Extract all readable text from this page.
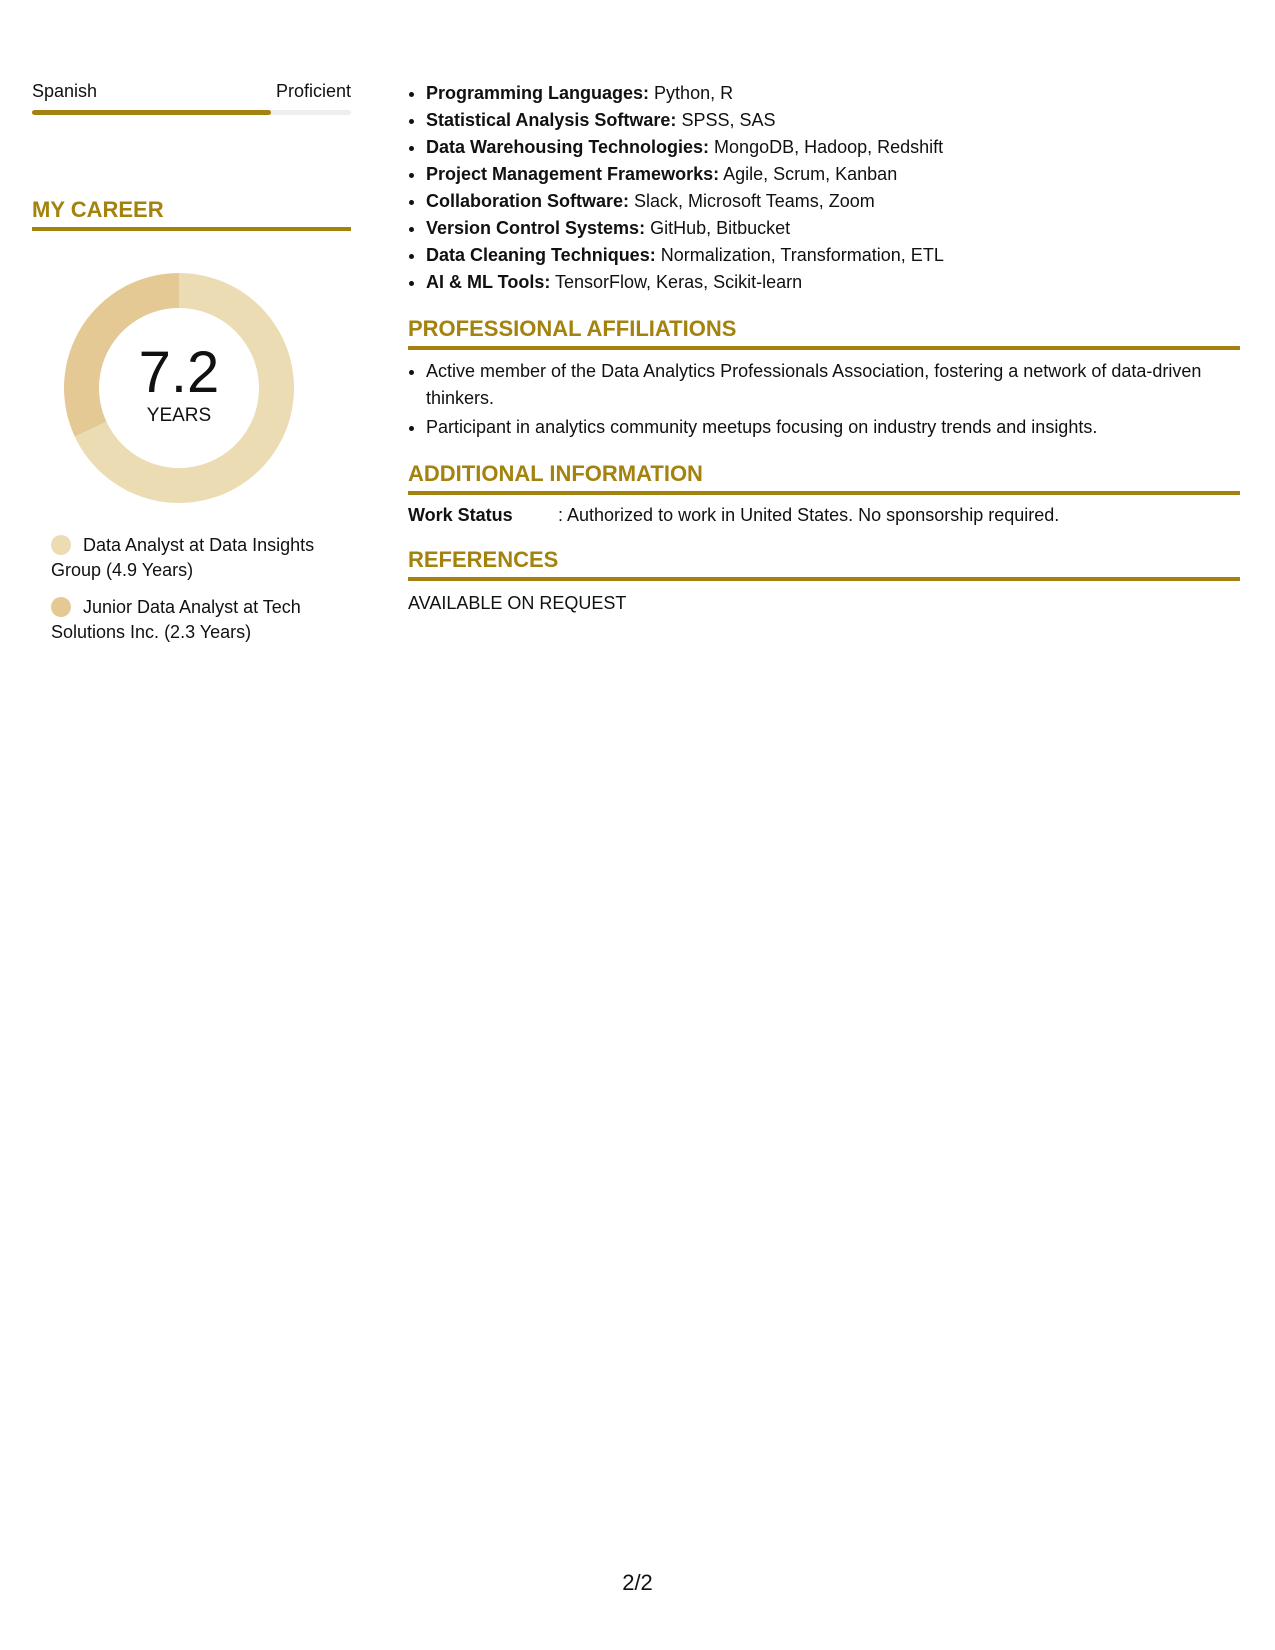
Spanish	Proficient
MY CAREER
7.2
YEARS
Data Analyst at Data Insights Group (4.9 Years)
Junior Data Analyst at Tech Solutions Inc. (2.3 Years)
• Programming Languages: Python, R
• Statistical Analysis Software: SPSS, SAS
• Data Warehousing Technologies: MongoDB, Hadoop, Redshift
• Project Management Frameworks: Agile, Scrum, Kanban
• Collaboration Software: Slack, Microsoft Teams, Zoom
• Version Control Systems: GitHub, Bitbucket
• Data Cleaning Techniques: Normalization, Transformation, ETL
• AI & ML Tools: TensorFlow, Keras, Scikit-learn
PROFESSIONAL AFFILIATIONS
• Active member of the Data Analytics Professionals Association, fostering a network of data-driven thinkers.
• Participant in analytics community meetups focusing on industry trends and insights.
ADDITIONAL INFORMATION
Work Status	: Authorized to work in United States. No sponsorship required.
REFERENCES
AVAILABLE ON REQUEST
2/2
